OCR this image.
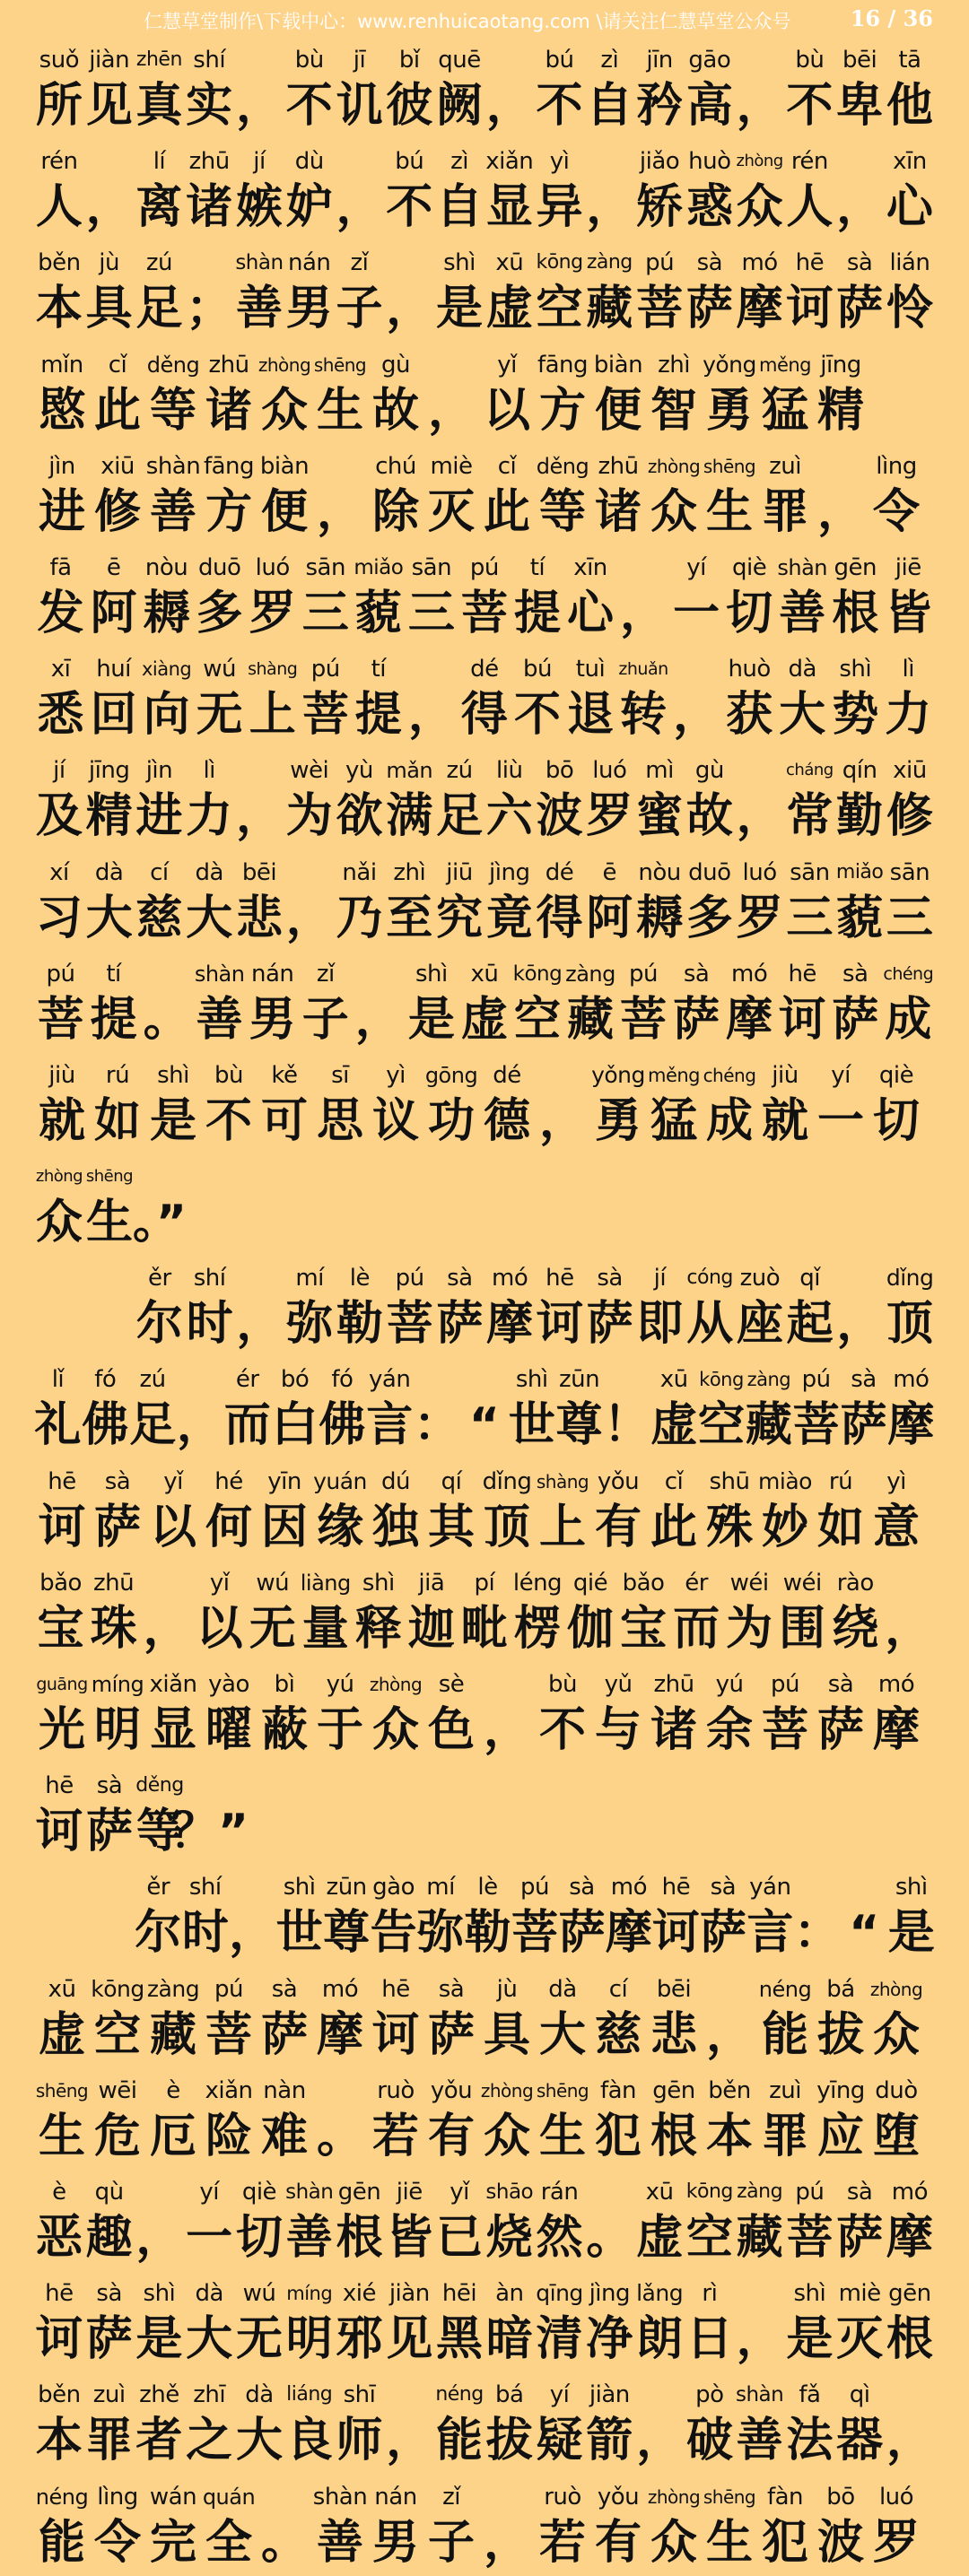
仁慧草堂制作\下载中心：www.renhuicaotang.com \请关注仁慧草堂公众号	16 / 36
suǒ
所
jiàn
见
zhēn
真
shí
实 ，
bù
不
jī
讥
bǐ
彼
quē
阙 ，
bú
不
zì
自
jīn
矜
gāo
高 ，
bù
不
bēi
卑
tā
他
rén
人 ，
lí
离
zhū
诸
jí
嫉
dù
妒 ，
bú
不
zì
自
xiǎn
显
yì
异 ，
jiǎo
矫
huò
惑
zhòng
众
rén
人 ，
xīn
心
běn
本
jù
具
zú
足 ；
shàn
善
nán
男
zǐ
子 ，
shì
是
xū
虚
kōng
空
zàng
藏
pú
菩
sà
萨
mó
摩
hē
诃
sà
萨
lián
怜
mǐn
愍
cǐ
此
děng
等
zhū
诸
zhòng
众
shēng
生
gù
故 ，
yǐ
以
fāng
方
biàn
便
zhì
智
yǒng
勇
měng
猛
jīng
精
jìn
进
xiū
修
shàn
善
fāng
方
biàn
便 ，
chú
除
miè
灭
cǐ
此
děng
等
zhū
诸
zhòng
众
shēng
生
zuì
罪 ，
lìng
令
fā
发
ē
阿
nòu
耨
duō
多
luó
罗
sān
三
miǎo
藐
sān
三
pú
菩
tí
提
xīn
心 ，
yí
一
qiè
切
shàn
善
gēn
根
jiē
皆
xī
悉
huí
回
xiàng
向
wú
无
shàng
上
pú
菩
tí
提 ，
dé
得
bú
不
tuì
退
zhuǎn
转 ，
huò
获
dà
大
shì
势
lì
力
jí
及
jīng
精
jìn
进
lì
力 ，
wèi
为
yù
欲
mǎn
满
zú
足
liù
六
bō
波
luó
罗
mì
蜜
gù
故 ，
cháng
常
qín
勤
xiū
修
xí
习
dà
大
cí
慈
dà
大
bēi
悲 ，
nǎi
乃
zhì
至
jiū
究
jìng
竟
dé
得
ē
阿
nòu
耨
duō
多
luó
罗
sān
三
miǎo
藐
sān
三
pú
菩
tí
提 。
shàn
善
nán
男
zǐ
子 ，
shì
是
xū
虚
kōng
空
zàng
藏
pú
菩
sà
萨
mó
摩
hē
诃
sà
萨
chéng
成
jiù
就
rú
如
shì
是
bù
不
kě
可
sī
思
yì
议
gōng
功
dé
德 ，
yǒng
勇
měng
猛
chéng
成
jiù
就
yí
一
qiè
切
zhòng
众
shēng
生 。”
ěr
尔
shí
时 ，
mí
弥
lè
勒
pú
菩
sà
萨
mó
摩
hē
诃
sà
萨
jí
即
cóng
从
zuò
座
qǐ
起 ，
dǐng
顶
lǐ
礼
fó
佛
zú
足 ，
ér
而
bó
白
fó
佛
yán
言 ： “
shì
世
zūn
尊 ！
xū
虚
kōng
空
zàng
藏
pú
菩
sà
萨
mó
摩
hē
诃
sà
萨
yǐ
以
hé
何
yīn
因
yuán
缘
dú
独
qí
其
dǐng
顶
shàng
上
yǒu
有
cǐ
此
shū
殊
miào
妙
rú
如
yì
意
bǎo
宝
zhū
珠 ，
yǐ
以
wú
无
liàng
量
shì
释
jiā
迦
pí
毗
léng
楞
qié
伽
bǎo
宝
ér
而
wéi
为
wéi
围
rào
绕 ，
guāng
光
míng
明
xiǎn
显
yào
曜
bì
蔽
yú
于
zhòng
众
sè
色 ，
bù
不
yǔ
与
zhū
诸
yú
余
pú
菩
sà
萨
mó
摩
hē
诃
sà
萨
děng
等
？”
ěr
尔
shí
时 ，
shì
世
zūn
尊
gào
告
mí
弥
lè
勒
pú
菩
sà
萨
mó
摩
hē
诃
sà
萨
yán
言 ： “
shì
是
xū
虚
kōng
空
zàng
藏
pú
菩
sà
萨
mó
摩
hē
诃
sà
萨
jù
具
dà
大
cí
慈
bēi
悲 ，
néng
能
bá
拔
zhòng
众
shēng
生
wēi
危
è
厄
xiǎn
险
nàn
难 。
ruò
若
yǒu
有
zhòng
众
shēng
生
fàn
犯
gēn
根
běn
本
zuì
罪
yīng
应
duò
堕
è
恶
qù
趣 ，
yí
一
qiè
切
shàn
善
gēn
根
jiē
皆
yǐ
已
shāo
烧
rán
然 。
xū
虚
kōng
空
zàng
藏
pú
菩
sà
萨
mó
摩
hē
诃
sà
萨
shì
是
dà
大
wú
无
míng
明
xié
邪
jiàn
见
hēi
黑
àn
暗
qīng
清
jìng
净
lǎng
朗
rì
日 ，
shì
是
miè
灭
gēn
根
běn
本
zuì
罪
zhě
者
zhī
之
dà
大
liáng
良
shī
师 ，
néng
能
bá
拔
yí
疑
jiàn
箭 ，
pò
破
shàn
善
fǎ
法
qì
器 ，
néng
能
lìng
令
wán
完
quán
全 。
shàn
善
nán
男
zǐ
子 ，
ruò
若
yǒu
有
zhòng
众
shēng
生
fàn
犯
bō
波
luó
罗
